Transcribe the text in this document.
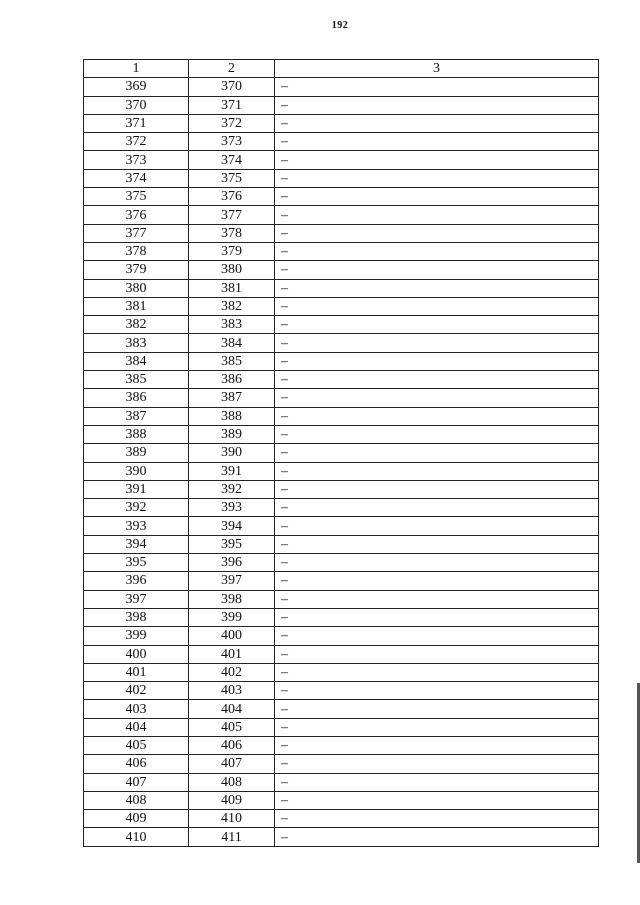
192
1	2	3
369	370	–
370	371	–
371	372	–
372	373	–
373	374	–
374	375	–
375	376	–
376	377	–
377	378	–
378	379	–
379	380	–
380	381	–
381	382	–
382	383	–
383	384	–
384	385	–
385	386	–
386	387	–
387	388	–
388	389	–
389	390	–
390	391	–
391	392	–
392	393	–
393	394	–
394	395	–
395	396	–
396	397	–
397	398	–
398	399	–
399	400	–
400	401	–
401	402	–
402	403	–
403	404	–
404	405	–
405	406	–
406	407	–
407	408	–
408	409	–
409	410	–
410	411	–
